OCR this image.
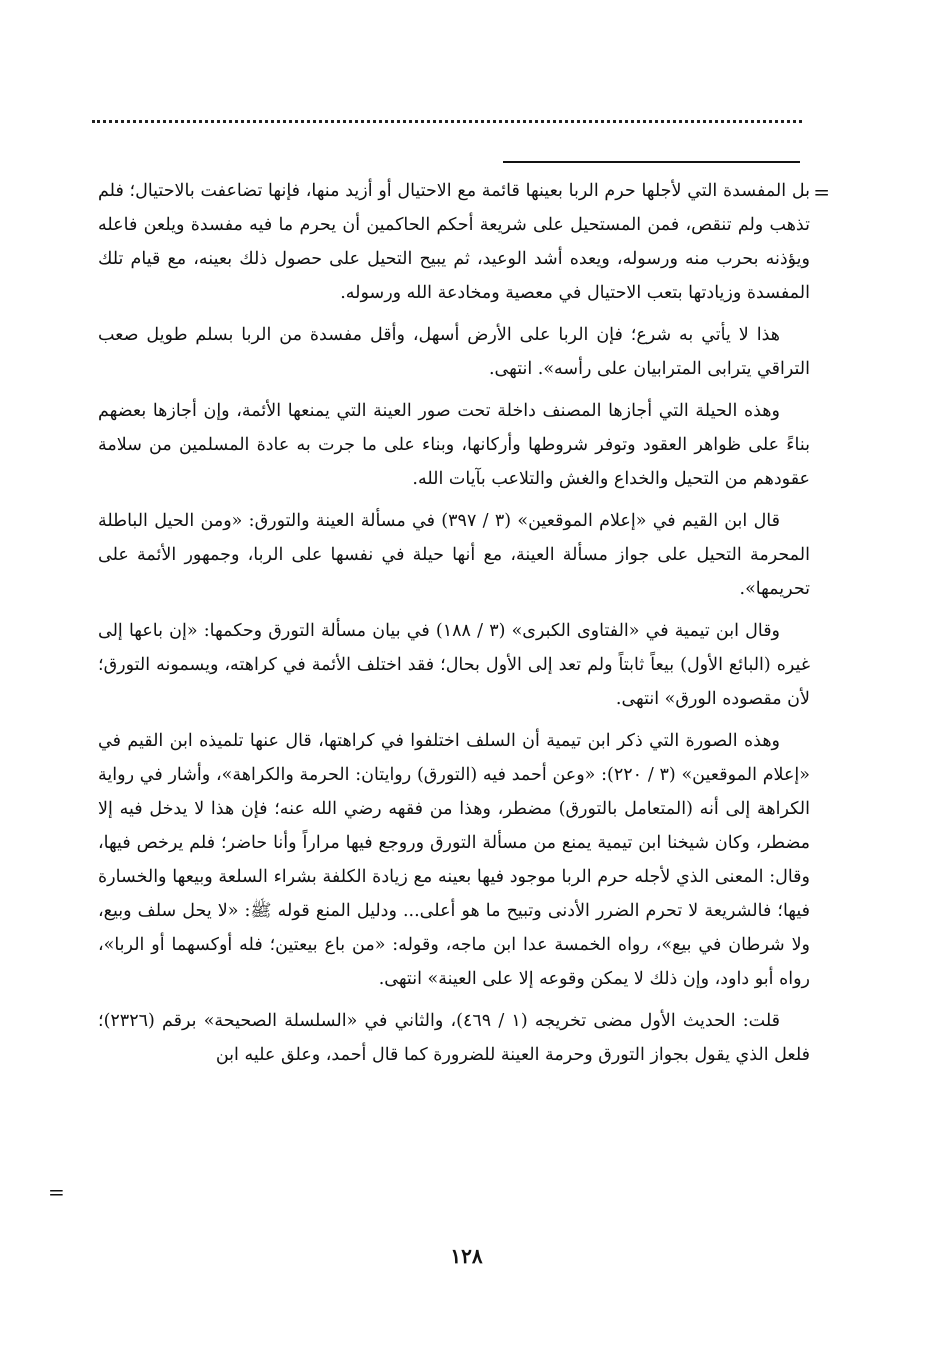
=

بل المفسدة التي لأجلها حرم الربا بعينها قائمة مع الاحتيال أو أزيد منها، فإنها تضاعفت بالاحتيال؛ فلم تذهب ولم تنقص، فمن المستحيل على شريعة أحكم الحاكمين أن يحرم ما فيه مفسدة ويلعن فاعله ويؤذنه بحرب منه ورسوله، ويعده أشد الوعيد، ثم يبيح التحيل على حصول ذلك بعينه، مع قيام تلك المفسدة وزيادتها بتعب الاحتيال في معصية ومخادعة الله ورسوله.

هذا لا يأتي به شرع؛ فإن الربا على الأرض أسهل، وأقل مفسدة من الربا بسلم طويل صعب التراقي يترابى المترابيان على رأسه». انتهى.

وهذه الحيلة التي أجازها المصنف داخلة تحت صور العينة التي يمنعها الأئمة، وإن أجازها بعضهم بناءً على ظواهر العقود وتوفر شروطها وأركانها، وبناء على ما جرت به عادة المسلمين من سلامة عقودهم من التحيل والخداع والغش والتلاعب بآيات الله.

قال ابن القيم في «إعلام الموقعين» (٣ / ٣٩٧) في مسألة العينة والتورق: «ومن الحيل الباطلة المحرمة التحيل على جواز مسألة العينة، مع أنها حيلة في نفسها على الربا، وجمهور الأئمة على تحريمها».

وقال ابن تيمية في «الفتاوى الكبرى» (٣ / ١٨٨) في بيان مسألة التورق وحكمها: «إن باعها إلى غيره (البائع الأول) بيعاً ثابتاً ولم تعد إلى الأول بحال؛ فقد اختلف الأئمة في كراهته، ويسمونه التورق؛ لأن مقصوده الورق» انتهى.

وهذه الصورة التي ذكر ابن تيمية أن السلف اختلفوا في كراهتها، قال عنها تلميذه ابن القيم في «إعلام الموقعين» (٣ / ٢٢٠): «وعن أحمد فيه (التورق) روايتان: الحرمة والكراهة»، وأشار في رواية الكراهة إلى أنه (المتعامل بالتورق) مضطر، وهذا من فقهه رضي الله عنه؛ فإن هذا لا يدخل فيه إلا مضطر، وكان شيخنا ابن تيمية يمنع من مسألة التورق وروجع فيها مراراً وأنا حاضر؛ فلم يرخص فيها، وقال: المعنى الذي لأجله حرم الربا موجود فيها بعينه مع زيادة الكلفة بشراء السلعة وبيعها والخسارة فيها؛ فالشريعة لا تحرم الضرر الأدنى وتبيح ما هو أعلى... ودليل المنع قوله ﷺ: «لا يحل سلف وبيع، ولا شرطان في بيع»، رواه الخمسة عدا ابن ماجه، وقوله: «من باع بيعتين؛ فله أوكسهما أو الربا»، رواه أبو داود، وإن ذلك لا يمكن وقوعه إلا على العينة» انتهى.

قلت: الحديث الأول مضى تخريجه (١ / ٤٦٩)، والثاني في «السلسلة الصحيحة» برقم (٢٣٢٦)؛ فلعل الذي يقول بجواز التورق وحرمة العينة للضرورة كما قال أحمد، وعلق عليه ابن

=
١٢٨
